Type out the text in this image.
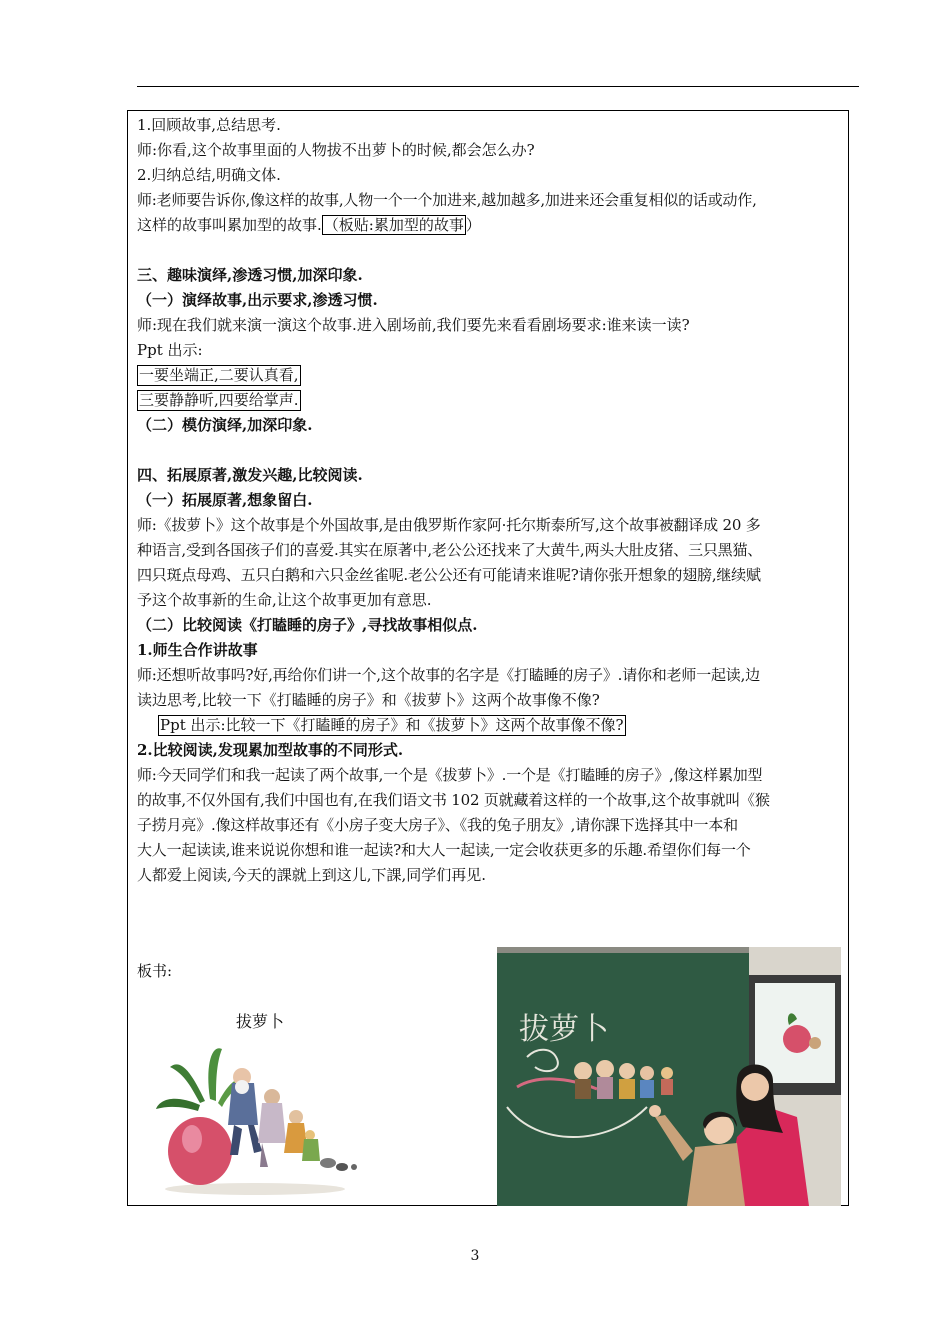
1.回顾故事,总结思考.
师:你看,这个故事里面的人物拔不出萝卜的时候,都会怎么办?
2.归纳总结,明确文体.
师:老师要告诉你,像这样的故事,人物一个一个加进来,越加越多,加进来还会重复相似的话或动作,
这样的故事叫累加型的故事. （板贴:累加型的故事 ）
三、趣味演绎,渗透习惯,加深印象.
（一）演绎故事,出示要求,渗透习惯.
师:现在我们就来演一演这个故事.进入剧场前,我们要先来看看剧场要求:谁来读一读?
Ppt 出示:
一要坐端正,二要认真看,
三要静静听,四要给掌声.
（二）模仿演绎,加深印象.
四、拓展原著,激发兴趣,比较阅读.
（一）拓展原著,想象留白.
师:《拔萝卜》这个故事是个外国故事,是由俄罗斯作家阿·托尔斯泰所写,这个故事被翻译成 20 多
种语言,受到各国孩子们的喜爱.其实在原著中,老公公还找来了大黄牛,两头大肚皮猪、三只黑猫、
四只斑点母鸡、五只白鹅和六只金丝雀呢.老公公还有可能请来谁呢?请你张开想象的翅膀,继续赋
予这个故事新的生命,让这个故事更加有意思.
（二）比较阅读《打瞌睡的房子》,寻找故事相似点.
1.师生合作讲故事
师:还想听故事吗?好,再给你们讲一个,这个故事的名字是《打瞌睡的房子》.请你和老师一起读,边
读边思考,比较一下《打瞌睡的房子》和《拔萝卜》这两个故事像不像?
Ppt 出示:比较一下《打瞌睡的房子》和《拔萝卜》这两个故事像不像?
2.比较阅读,发现累加型故事的不同形式.
师:今天同学们和我一起读了两个故事,一个是《拔萝卜》.一个是《打瞌睡的房子》,像这样累加型
的故事,不仅外国有,我们中国也有,在我们语文书 102 页就藏着这样的一个故事,这个故事就叫《猴
子捞月亮》.像这样故事还有《小房子变大房子》、《我的兔子朋友》,请你課下选择其中一本和
大人一起读读,谁来说说你想和谁一起读?和大人一起读,一定会收获更多的乐趣.希望你们每一个
人都爱上阅读,今天的課就上到这儿,下課,同学们再见.
板书:
拔萝卜	拔萝卜
3
